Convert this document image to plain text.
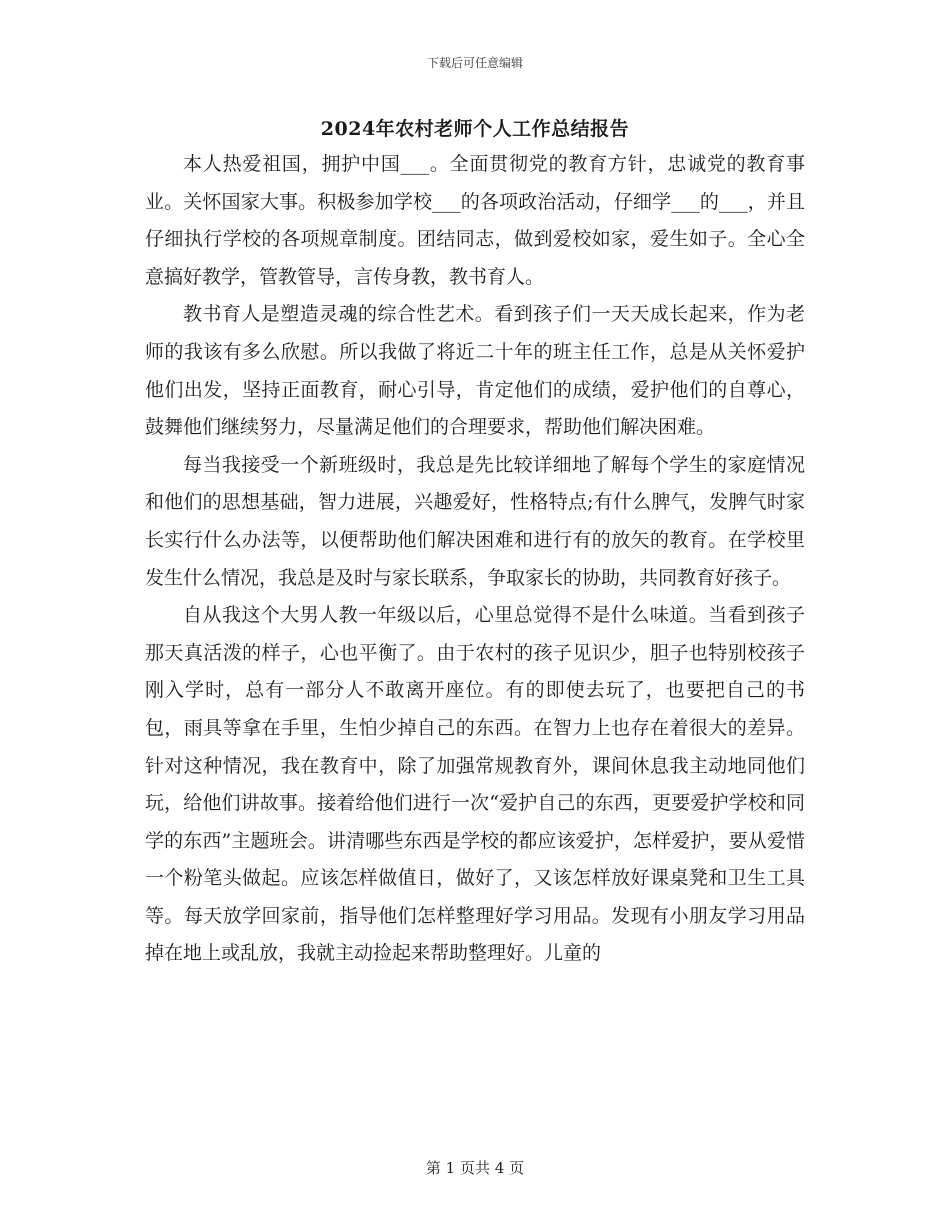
下载后可任意编辑
2024年农村老师个人工作总结报告

本人热爱祖国，拥护中国___。全面贯彻党的教育方针，忠诚党的教育事业。关怀国家大事。积极参加学校___的各项政治活动，仔细学___的___，并且仔细执行学校的各项规章制度。团结同志，做到爱校如家，爱生如子。全心全意搞好教学，管教管导，言传身教，教书育人。

教书育人是塑造灵魂的综合性艺术。看到孩子们一天天成长起来，作为老师的我该有多么欣慰。所以我做了将近二十年的班主任工作，总是从关怀爱护他们出发，坚持正面教育，耐心引导，肯定他们的成绩，爱护他们的自尊心，鼓舞他们继续努力，尽量满足他们的合理要求，帮助他们解决困难。

每当我接受一个新班级时，我总是先比较详细地了解每个学生的家庭情况和他们的思想基础，智力进展，兴趣爱好，性格特点;有什么脾气，发脾气时家长实行什么办法等，以便帮助他们解决困难和进行有的放矢的教育。在学校里发生什么情况，我总是及时与家长联系，争取家长的协助，共同教育好孩子。

自从我这个大男人教一年级以后，心里总觉得不是什么味道。当看到孩子那天真活泼的样子，心也平衡了。由于农村的孩子见识少，胆子也特别校孩子刚入学时，总有一部分人不敢离开座位。有的即使去玩了，也要把自己的书包，雨具等拿在手里，生怕少掉自己的东西。在智力上也存在着很大的差异。针对这种情况，我在教育中，除了加强常规教育外，课间休息我主动地同他们玩，给他们讲故事。接着给他们进行一次“爱护自己的东西，更要爱护学校和同学的东西”主题班会。讲清哪些东西是学校的都应该爱护，怎样爱护，要从爱惜一个粉笔头做起。应该怎样做值日，做好了，又该怎样放好课桌凳和卫生工具等。每天放学回家前，指导他们怎样整理好学习用品。发现有小朋友学习用品掉在地上或乱放，我就主动捡起来帮助整理好。儿童的

第 1 页共 4 页
